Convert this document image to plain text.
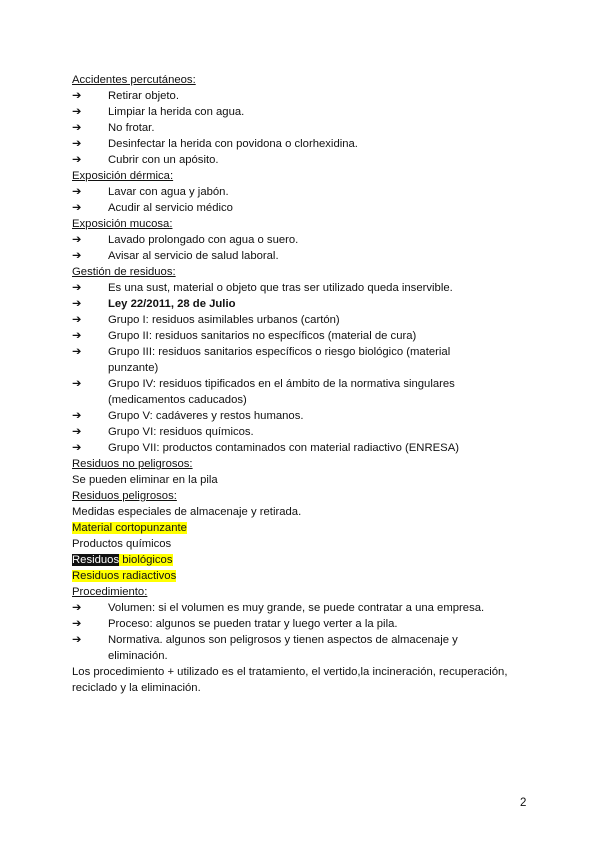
Accidentes percutáneos:
➔	Retirar objeto.
➔	Limpiar la herida con agua.
➔	No frotar.
➔	Desinfectar la herida con povidona o clorhexidina.
➔	Cubrir con un apósito.
Exposición dérmica:
➔	Lavar con agua y jabón.
➔	Acudir al servicio médico
Exposición mucosa:
➔	Lavado prolongado con agua o suero.
➔	Avisar al servicio de salud laboral.
Gestión de residuos:
➔	Es una sust, material o objeto que tras ser utilizado queda inservible.
➔	Ley 22/2011, 28 de Julio
➔	Grupo I: residuos asimilables urbanos (cartón)
➔	Grupo II: residuos sanitarios no específicos (material de cura)
➔	Grupo III: residuos sanitarios específicos o riesgo biológico (material punzante)
➔	Grupo IV: residuos tipificados en el ámbito de la normativa singulares (medicamentos caducados)
➔	Grupo V: cadáveres y restos humanos.
➔	Grupo VI: residuos químicos.
➔	Grupo VII: productos contaminados con material radiactivo (ENRESA)
Residuos no peligrosos:
Se pueden eliminar en la pila
Residuos peligrosos:
Medidas especiales de almacenaje y retirada.
Material cortopunzante
Productos químicos
Residuos biológicos
Residuos radiactivos
Procedimiento:
➔	Volumen: si el volumen es muy grande, se puede contratar a una empresa.
➔	Proceso: algunos se pueden tratar y luego verter a la pila.
➔	Normativa. algunos son peligrosos y tienen aspectos de almacenaje y eliminación.
Los procedimiento + utilizado es el tratamiento, el vertido,la incineración, recuperación, reciclado y la eliminación.
2
